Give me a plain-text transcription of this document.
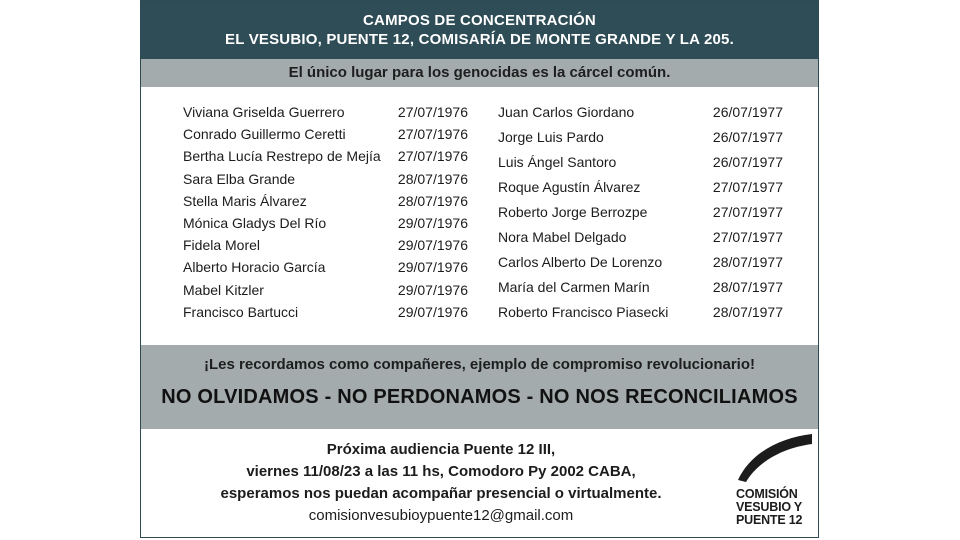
CAMPOS DE CONCENTRACIÓN
EL VESUBIO, PUENTE 12, COMISARÍA DE MONTE GRANDE Y LA 205.
El único lugar para los genocidas es la cárcel común.
Viviana Griselda Guerrero	27/07/1976
Conrado Guillermo Ceretti	27/07/1976
Bertha Lucía Restrepo de Mejía 27/07/1976
Sara Elba Grande	28/07/1976
Stella Maris Álvarez	28/07/1976
Mónica Gladys Del Río	29/07/1976
Fidela Morel	29/07/1976
Alberto Horacio García	29/07/1976
Mabel Kitzler	29/07/1976
Francisco Bartucci	29/07/1976
Juan Carlos Giordano	26/07/1977
Jorge Luis Pardo	26/07/1977
Luis Ángel Santoro	26/07/1977
Roque Agustín Álvarez	27/07/1977
Roberto Jorge Berrozpe	27/07/1977
Nora Mabel Delgado	27/07/1977
Carlos Alberto De Lorenzo	28/07/1977
María del Carmen Marín	28/07/1977
Roberto Francisco Piasecki	28/07/1977
¡Les recordamos como compañeres, ejemplo de compromiso revolucionario!
NO OLVIDAMOS - NO PERDONAMOS - NO NOS RECONCILIAMOS
Próxima audiencia Puente 12 III,
viernes 11/08/23 a las 11 hs, Comodoro Py 2002 CABA,
esperamos nos puedan acompañar presencial o virtualmente.
comisionvesubioypuente12@gmail.com
COMISIÓN
VESUBIO Y
PUENTE 12
